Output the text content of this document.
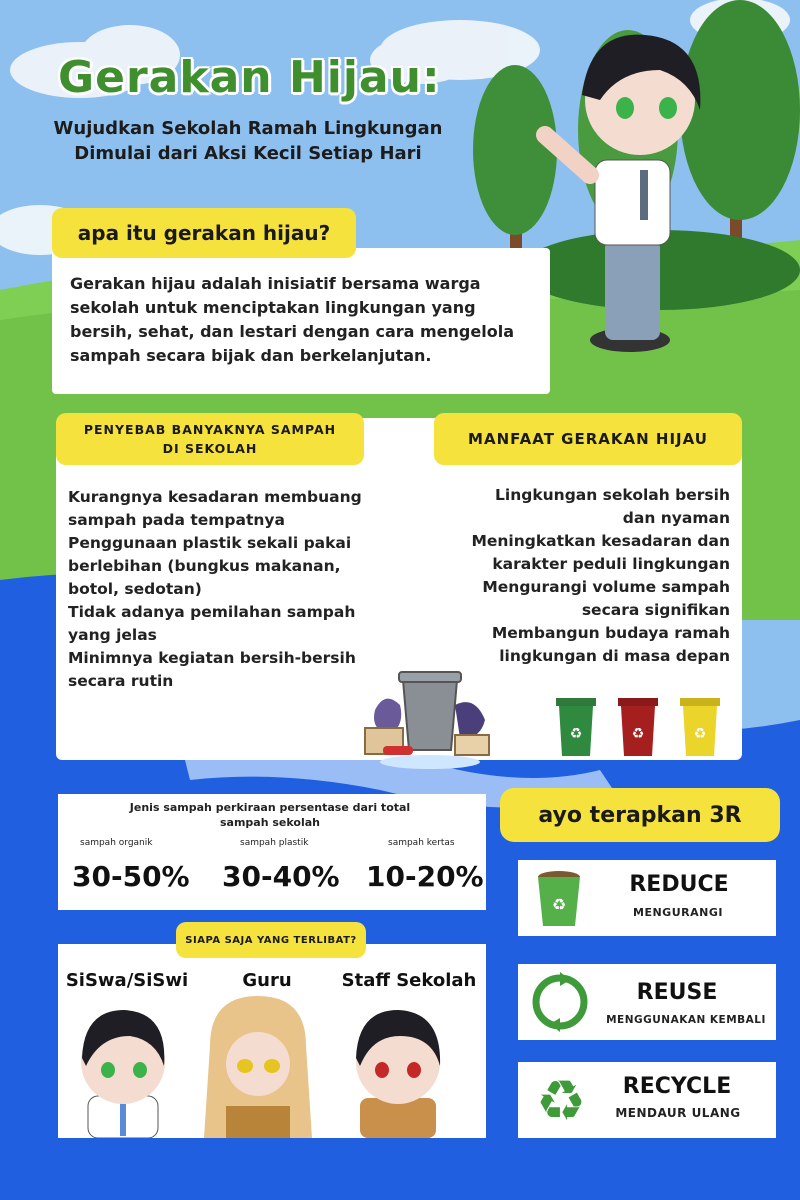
Gerakan Hijau:
Wujudkan Sekolah Ramah Lingkungan
Dimulai dari Aksi Kecil Setiap Hari
Gerakan hijau adalah inisiatif bersama warga
sekolah untuk menciptakan lingkungan yang
bersih, sehat, dan lestari dengan cara mengelola
sampah secara bijak dan berkelanjutan.
apa itu gerakan hijau?
PENYEBAB BANYAKNYA SAMPAH
DI SEKOLAH
MANFAAT GERAKAN HIJAU
Kurangnya kesadaran membuang
sampah pada tempatnya
Penggunaan plastik sekali pakai
berlebihan (bungkus makanan,
botol, sedotan)
Tidak adanya pemilahan sampah
yang jelas
Minimnya kegiatan bersih-bersih
secara rutin
Lingkungan sekolah bersih
dan nyaman
Meningkatkan kesadaran dan
karakter peduli lingkungan
Mengurangi volume sampah
secara signifikan
Membangun budaya ramah
lingkungan di masa depan
♻	♻	♻
Jenis sampah perkiraan persentase dari total
sampah sekolah
sampah organik	sampah plastik	sampah kertas
30-50% 30-40% 10-20%
SIAPA SAJA YANG TERLIBAT?
SiSwa/SiSwi	Guru	Staff Sekolah
ayo terapkan 3R
♻
REDUCE
MENGURANGI
REUSE
MENGGUNAKAN KEMBALI
♻	RECYCLE
MENDAUR ULANG
